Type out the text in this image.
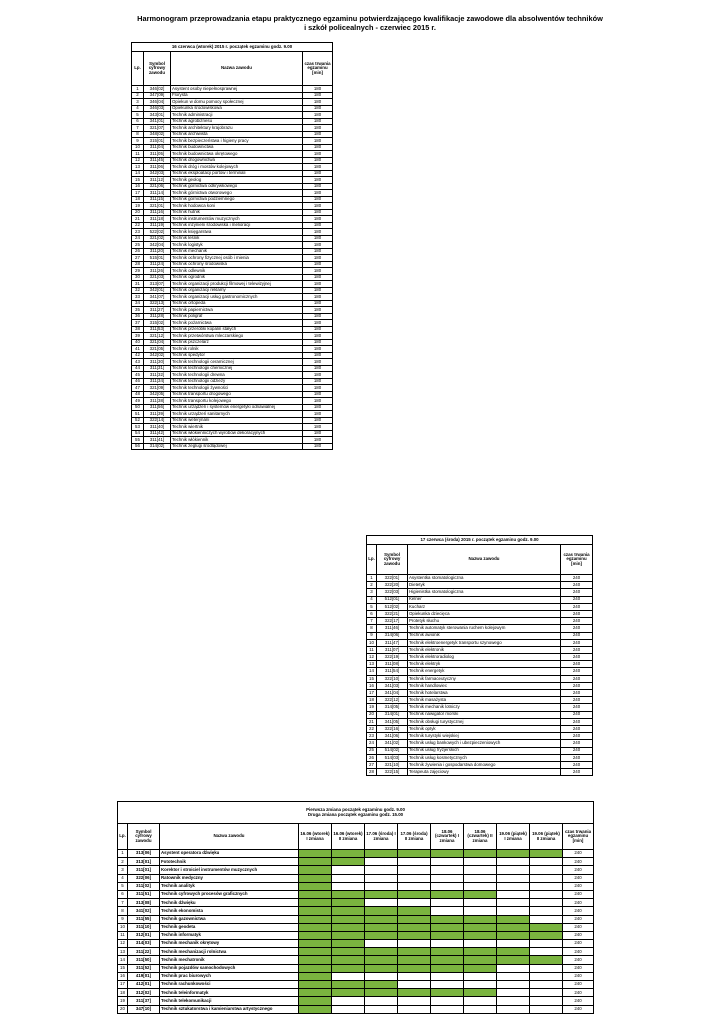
Harmonogram przeprowadzania etapu praktycznego egzaminu potwierdzającego kwalifikacje zawodowe dla absolwentów techników
i szkół policealnych - czerwiec 2015 r.
16 czerwca (wtorek) 2015 r. początek egzaminu godz. 9.00			
Lp.	Symbol cyfrowy zawodu	Nazwa zawodu	czas trwania egzaminu [min]
1	346[02]	Asystent osoby niepełnosprawnej	180
2	347[09]	Florysta	180
3	346[04]	Opiekun w domu pomocy społecznej	180
4	346[03]	Opiekunka środowiskowa	180
5	343[01]	Technik administracji	180
6	341[01]	Technik agrobiznesu	180
7	321[07]	Technik architektury krajobrazu	180
8	348[02]	Technik archiwista	180
9	315[01]	Technik bezpieczeństwa i higieny pracy	180
10	311[04]	Technik budownictwa	180
11	311[05]	Technik budownictwa okrętowego	180
12	311[45]	Technik drogownictwa	180
13	311[06]	Technik dróg i mostów kolejowych	180
14	342[03]	Technik eksploatacji portów i terminali	180
15	311[12]	Technik geolog	180
16	321[06]	Technik górnictwa odkrywkowego	180
17	311[14]	Technik górnictwa otworowego	180
18	311[15]	Technik górnictwa podziemnego	180
19	321[01]	Technik hodowca koni	180
20	311[16]	Technik hutnik	180
21	311[18]	Technik instrumentów muzycznych	180
22	311[19]	Technik inżynierii środowiska i melioracji	180
23	522[02]	Technik księgarstwa	180
24	321[02]	Technik leśnik	180
25	342[04]	Technik logistyk	180
26	311[20]	Technik mechanik	180
27	515[01]	Technik ochrony fizycznej osób i mienia	180
28	311[24]	Technik ochrony środowiska	180
29	311[26]	Technik odlewnik	180
30	321[03]	Technik ogrodnik	180
31	313[07]	Technik organizacji produkcji filmowej i telewizyjnej	180
32	342[01]	Technik organizacji reklamy	180
33	341[07]	Technik organizacji usług gastronomicznych	180
34	322[13]	Technik ortopeda	180
35	311[27]	Technik papiernictwa	180
36	311[28]	Technik poligraf	180
37	315[02]	Technik pożarnictwa	180
38	311[53]	Technik przeróbki kopalin stałych	180
39	321[12]	Technik przetwórstwa mleczarskiego	180
40	321[04]	Technik pszczelarz	180
41	321[05]	Technik rolnik	180
42	342[02]	Technik spedytor	180
43	311[30]	Technik technologii ceramicznej	180
44	311[31]	Technik technologii chemicznej	180
45	311[32]	Technik technologii drewna	180
46	311[34]	Technik technologii odzieży	180
47	321[09]	Technik technologii żywności	180
48	342[05]	Technik transportu drogowego	180
49	311[38]	Technik transportu kolejowego	180
50	311[56]	Technik urządzeń i systemów energetyki odnawialnej	180
51	311[39]	Technik urządzeń sanitarnych	180
52	322[14]	Technik weterynarii	180
53	311[40]	Technik wiertnik	180
54	311[42]	Technik włókienniczych wyrobów dekoracyjnych	180
55	311[41]	Technik włókiennik	180
56	314[02]	Technik żeglugi śródlądowej	180
17 czerwca (środa) 2015 r. początek egzaminu godz. 9.00			
Lp.	Symbol cyfrowy zawodu	Nazwa zawodu	czas trwania egzaminu [min]
1	322[01]	Asystentka stomatologiczna	240
2	322[20]	Dietetyk	240
3	322[03]	Higienistka stomatologiczna	240
4	512[01]	Kelner	240
5	512[02]	Kucharz	240
6	322[21]	Opiekunka dziecięca	240
7	322[17]	Protetyk słuchu	240
8	311[46]	Technik automatyk sterowania ruchem kolejowym	240
9	314[06]	Technik awionik	240
10	311[47]	Technik elektroenergetyk transportu szynowego	240
11	311[07]	Technik elektronik	240
12	322[19]	Technik elektroradiolog	240
13	311[08]	Technik elektryk	240
14	311[54]	Technik energetyk	240
15	322[10]	Technik farmaceutyczny	240
16	341[03]	Technik handlowiec	240
17	341[04]	Technik hotelarstwa	240
18	322[12]	Technik masażysta	240
19	314[05]	Technik mechanik lotniczy	240
20	314[01]	Technik nawigator morski	240
21	341[05]	Technik obsługi turystycznej	240
22	322[16]	Technik optyk	240
23	341[06]	Technik turystyki wiejskiej	240
24	341[02]	Technik usług bankowych i ubezpieczeniowych	240
25	514[02]	Technik usług fryzjerskich	240
26	514[03]	Technik usług kosmetycznych	240
27	321[10]	Technik żywienia i gospodarstwa domowego	240
28	322[15]	Terapeuta zajęciowy	240
Pierwsza zmiana początek egzaminu godz. 9.00
Druga zmiana początek egzaminu godz. 15.00											

Lp.	Symbol cyfrowy zawodu	Nazwa zawodu	16.06 (wtorek) I zmiana	16.06 (wtorek) II zmiana	17.06 (środa) I zmiana	17.06 (środa) II zmiana	18.06 (czwartek) I zmiana	18.06 (czwartek) II zmiana	19.06 (piątek) I zmiana	19.06 (piątek) II zmiana	czas trwania egzaminu [min]
1	313[06]	Asystent operatora dźwięku									240
2	313[01]	Fototechnik									240
3	311[01]	Korektor i stroiciel instrumentów muzycznych									240
4	322[06]	Ratownik medyczny									240
5	311[02]	Technik analityk									240
6	311[51]	Technik cyfrowych procesów graficznych									240
7	313[08]	Technik dźwięku									240
8	341[02]	Technik ekonomista									240
9	311[55]	Technik gazownictwa									240
10	311[10]	Technik geodeta									240
11	312[01]	Technik informatyk									240
12	314[03]	Technik mechanik okrętowy									240
13	311[22]	Technik mechanizacji rolnictwa									240
14	311[50]	Technik mechatronik									240
15	311[52]	Technik pojazdów samochodowych									240
16	419[01]	Technik prac biurowych									240
17	412[01]	Technik rachunkowości									240
18	312[02]	Technik teleinformatyk									240
19	311[37]	Technik telekomunikacji									240
20	347[10]	Technik sztukatorstwa i kamieniarstwa artystycznego									240
